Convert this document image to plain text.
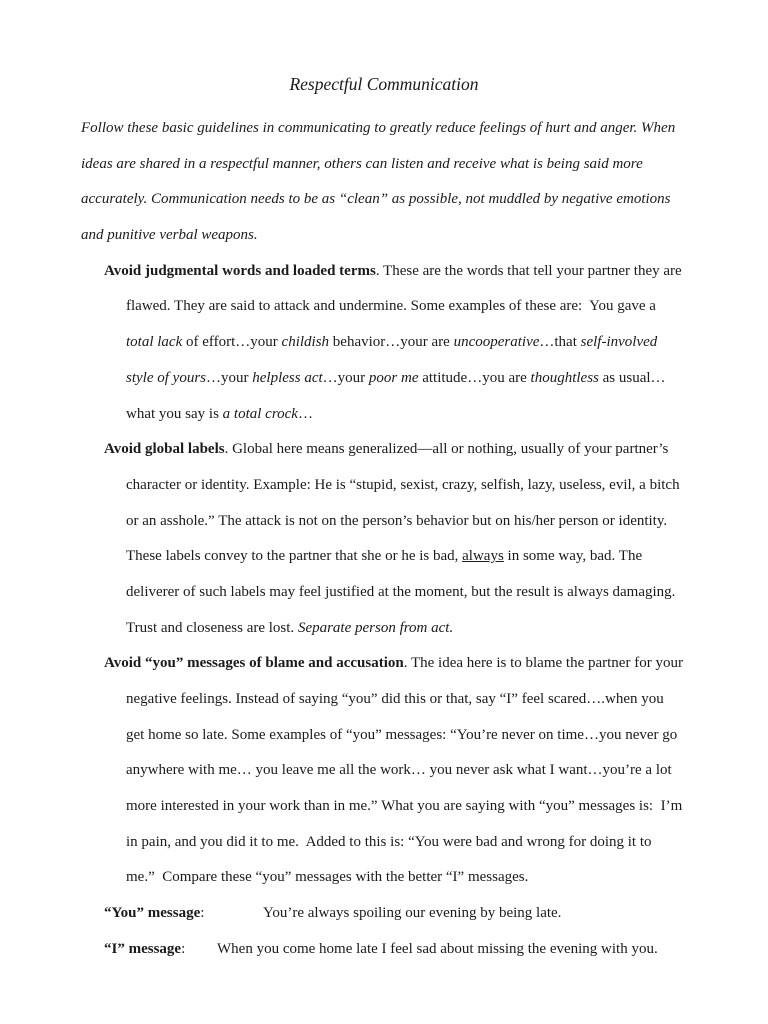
Respectful Communication
Follow these basic guidelines in communicating to greatly reduce feelings of hurt and anger. When
ideas are shared in a respectful manner, others can listen and receive what is being said more
accurately. Communication needs to be as “clean” as possible, not muddled by negative emotions
and punitive verbal weapons.
Avoid judgmental words and loaded terms. These are the words that tell your partner they are
flawed. They are said to attack and undermine. Some examples of these are:  You gave a
total lack of effort…your childish behavior…your are uncooperative…that self-involved
style of yours…your helpless act…your poor me attitude…you are thoughtless as usual…
what you say is a total crock…
Avoid global labels. Global here means generalized—all or nothing, usually of your partner’s
character or identity. Example: He is “stupid, sexist, crazy, selfish, lazy, useless, evil, a bitch
or an asshole.” The attack is not on the person’s behavior but on his/her person or identity.
These labels convey to the partner that she or he is bad, always in some way, bad. The
deliverer of such labels may feel justified at the moment, but the result is always damaging.
Trust and closeness are lost. Separate person from act.
Avoid “you” messages of blame and accusation. The idea here is to blame the partner for your
negative feelings. Instead of saying “you” did this or that, say “I” feel scared….when you
get home so late. Some examples of “you” messages: “You’re never on time…you never go
anywhere with me… you leave me all the work… you never ask what I want…you’re a lot
more interested in your work than in me.” What you are saying with “you” messages is:  I’m
in pain, and you did it to me.  Added to this is: “You were bad and wrong for doing it to
me.”  Compare these “you” messages with the better “I” messages.
“You” message:	You’re always spoiling our evening by being late.
“I” message: When you come home late I feel sad about missing the evening with you.
